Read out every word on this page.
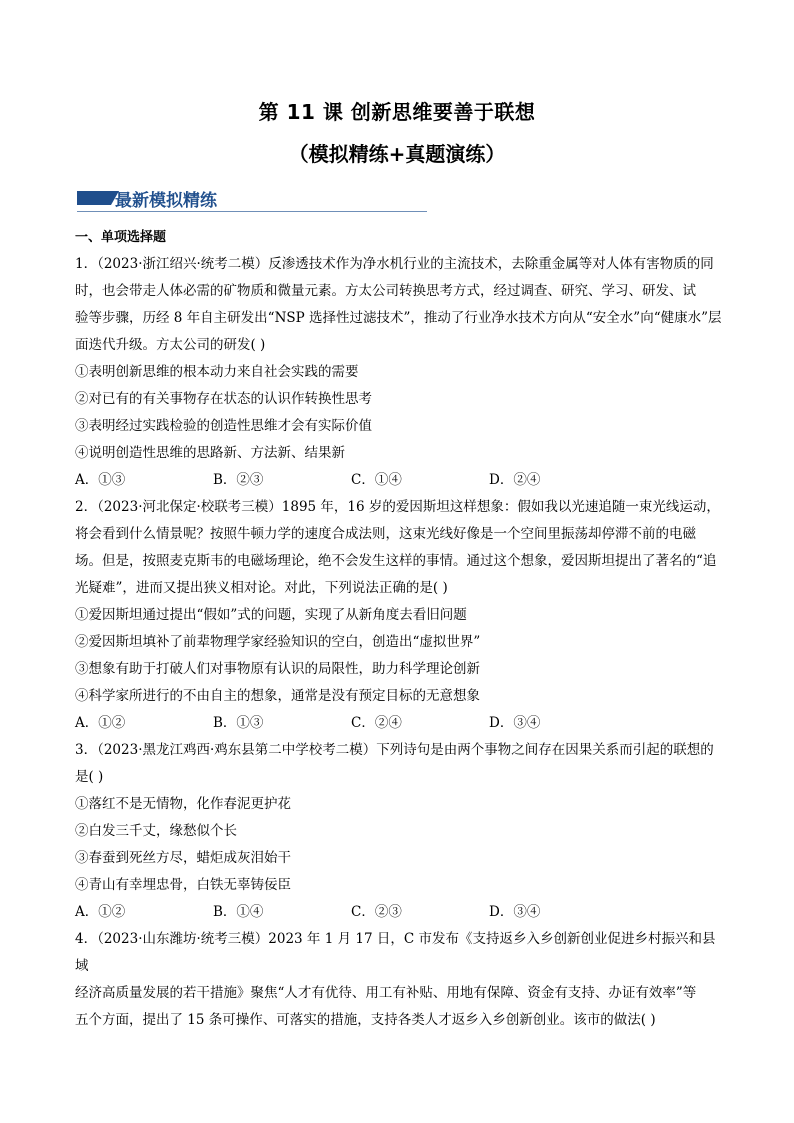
第 11 课 创新思维要善于联想
（模拟精练+真题演练）
最新模拟精练
一、单项选择题
1．（2023·浙江绍兴·统考二模）反渗透技术作为净水机行业的主流技术，去除重金属等对人体有害物质的同
时，也会带走人体必需的矿物质和微量元素。方太公司转换思考方式，经过调查、研究、学习、研发、试
验等步骤，历经 8 年自主研发出“NSP 选择性过滤技术”，推动了行业净水技术方向从“安全水”向“健康水”层
面迭代升级。方太公司的研发( )
①表明创新思维的根本动力来自社会实践的需要
②对已有的有关事物存在状态的认识作转换性思考
③表明经过实践检验的创造性思维才会有实际价值
④说明创造性思维的思路新、方法新、结果新
A．①③	B．②③	C．①④	D．②④
2．（2023·河北保定·校联考三模）1895 年，16 岁的爱因斯坦这样想象：假如我以光速追随一束光线运动，
将会看到什么情景呢？按照牛顿力学的速度合成法则，这束光线好像是一个空间里振荡却停滞不前的电磁
场。但是，按照麦克斯韦的电磁场理论，绝不会发生这样的事情。通过这个想象，爱因斯坦提出了著名的“追
光疑难”，进而又提出狭义相对论。对此，下列说法正确的是( )
①爱因斯坦通过提出“假如”式的问题，实现了从新角度去看旧问题
②爱因斯坦填补了前辈物理学家经验知识的空白，创造出“虚拟世界”
③想象有助于打破人们对事物原有认识的局限性，助力科学理论创新
④科学家所进行的不由自主的想象，通常是没有预定目标的无意想象
A．①②	B．①③	C．②④	D．③④
3．（2023·黑龙江鸡西·鸡东县第二中学校考二模）下列诗句是由两个事物之间存在因果关系而引起的联想的
是( )
①落红不是无情物，化作春泥更护花
②白发三千丈，缘愁似个长
③春蚕到死丝方尽，蜡炬成灰泪始干
④青山有幸埋忠骨，白铁无辜铸佞臣
A．①②	B．①④	C．②③	D．③④
4．（2023·山东潍坊·统考三模）2023 年 1 月 17 日，C 市发布《支持返乡入乡创新创业促进乡村振兴和县域
经济高质量发展的若干措施》聚焦“人才有优待、用工有补贴、用地有保障、资金有支持、办证有效率”等
五个方面，提出了 15 条可操作、可落实的措施，支持各类人才返乡入乡创新创业。该市的做法( )
